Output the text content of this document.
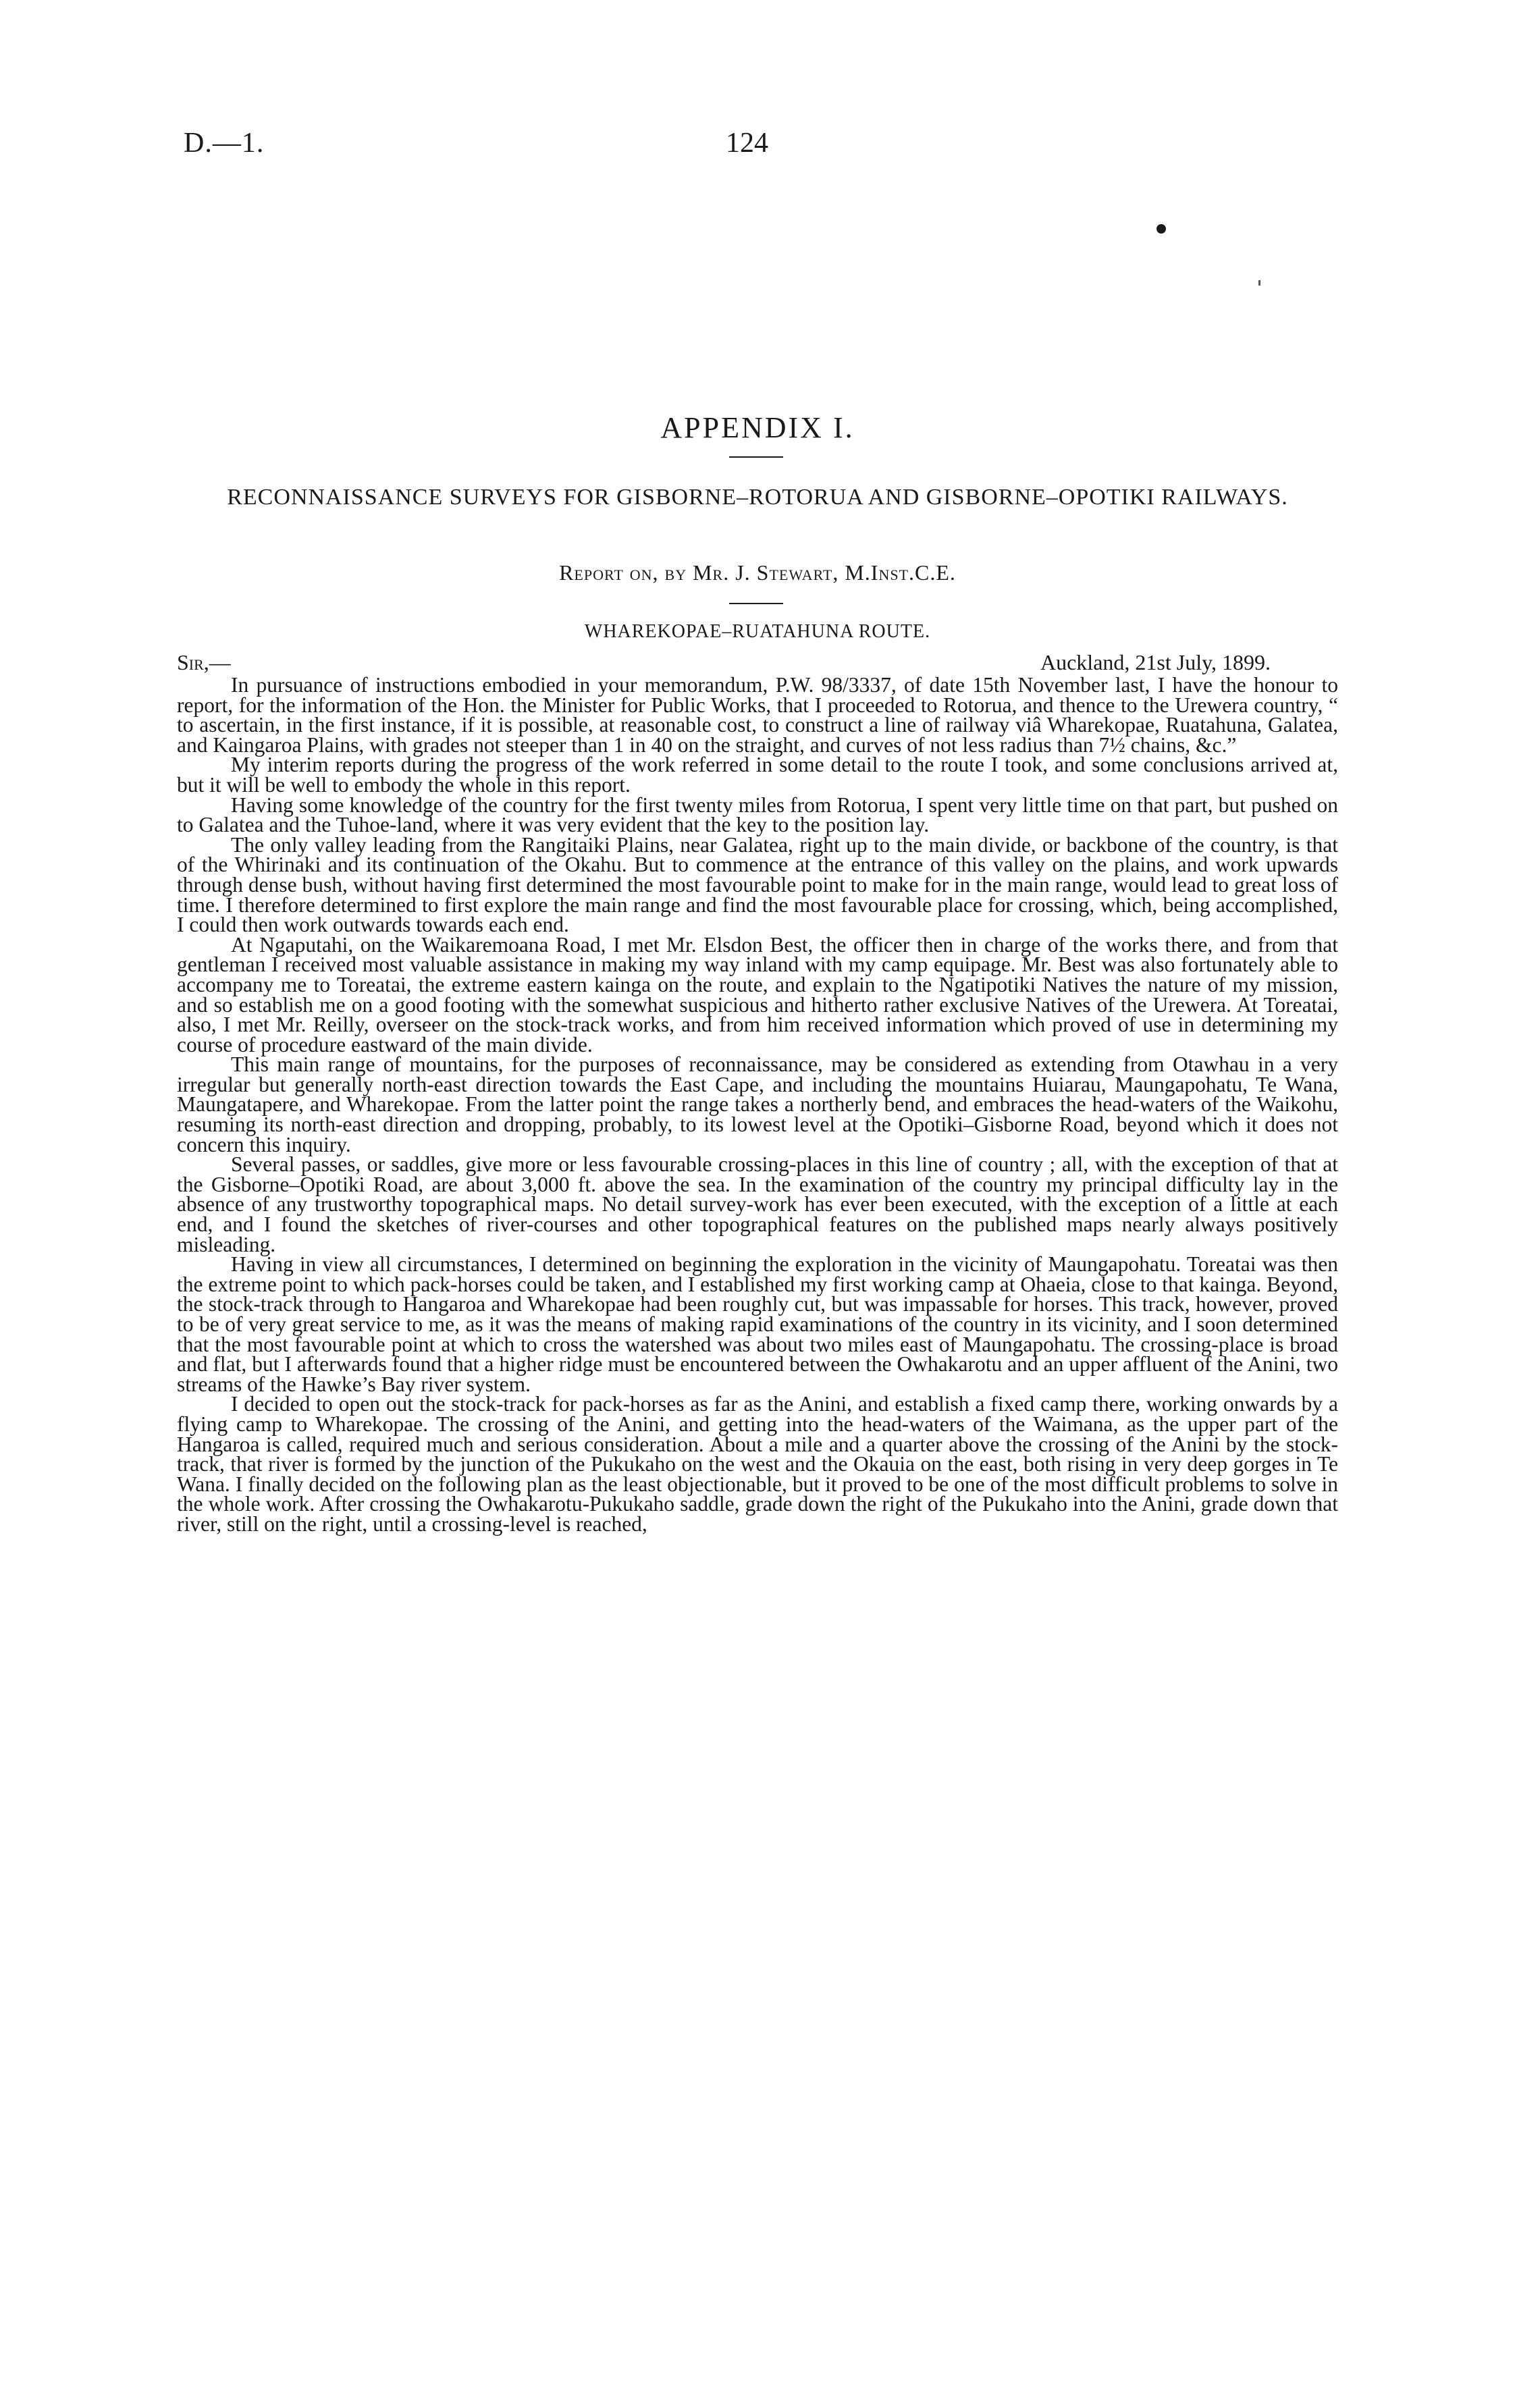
D.—1.	124
APPENDIX I.
RECONNAISSANCE SURVEYS FOR GISBORNE–ROTORUA AND GISBORNE–OPOTIKI RAILWAYS.
Report on, by Mr. J. Stewart, M.Inst.C.E.
WHAREKOPAE–RUATAHUNA ROUTE.
Sir,—	Auckland, 21st July, 1899.

In pursuance of instructions embodied in your memorandum, P.W. 98/3337, of date 15th November last, I have the honour to report, for the information of the Hon. the Minister for Public Works, that I proceeded to Rotorua, and thence to the Urewera country, “ to ascertain, in the first instance, if it is possible, at reasonable cost, to construct a line of railway viâ Wharekopae, Ruatahuna, Galatea, and Kaingaroa Plains, with grades not steeper than 1 in 40 on the straight, and curves of not less radius than 7½ chains, &c.”

My interim reports during the progress of the work referred in some detail to the route I took, and some conclusions arrived at, but it will be well to embody the whole in this report.

Having some knowledge of the country for the first twenty miles from Rotorua, I spent very little time on that part, but pushed on to Galatea and the Tuhoe-land, where it was very evident that the key to the position lay.

The only valley leading from the Rangitaiki Plains, near Galatea, right up to the main divide, or backbone of the country, is that of the Whirinaki and its continuation of the Okahu. But to commence at the entrance of this valley on the plains, and work upwards through dense bush, without having first determined the most favourable point to make for in the main range, would lead to great loss of time. I therefore determined to first explore the main range and find the most favourable place for crossing, which, being accomplished, I could then work outwards towards each end.

At Ngaputahi, on the Waikaremoana Road, I met Mr. Elsdon Best, the officer then in charge of the works there, and from that gentleman I received most valuable assistance in making my way inland with my camp equipage. Mr. Best was also fortunately able to accompany me to Toreatai, the extreme eastern kainga on the route, and explain to the Ngatipotiki Natives the nature of my mission, and so establish me on a good footing with the somewhat suspicious and hitherto rather exclusive Natives of the Urewera. At Toreatai, also, I met Mr. Reilly, overseer on the stock-track works, and from him received information which proved of use in determining my course of procedure eastward of the main divide.

This main range of mountains, for the purposes of reconnaissance, may be considered as extending from Otawhau in a very irregular but generally north-east direction towards the East Cape, and including the mountains Huiarau, Maungapohatu, Te Wana, Maungatapere, and Wharekopae. From the latter point the range takes a northerly bend, and embraces the head-waters of the Waikohu, resuming its north-east direction and dropping, probably, to its lowest level at the Opotiki–Gisborne Road, beyond which it does not concern this inquiry.

Several passes, or saddles, give more or less favourable crossing-places in this line of country ; all, with the exception of that at the Gisborne–Opotiki Road, are about 3,000 ft. above the sea. In the examination of the country my principal difficulty lay in the absence of any trustworthy topographical maps. No detail survey-work has ever been executed, with the exception of a little at each end, and I found the sketches of river-courses and other topographical features on the published maps nearly always positively misleading.

Having in view all circumstances, I determined on beginning the exploration in the vicinity of Maungapohatu. Toreatai was then the extreme point to which pack-horses could be taken, and I established my first working camp at Ohaeia, close to that kainga. Beyond, the stock-track through to Hangaroa and Wharekopae had been roughly cut, but was impassable for horses. This track, however, proved to be of very great service to me, as it was the means of making rapid examinations of the country in its vicinity, and I soon determined that the most favourable point at which to cross the watershed was about two miles east of Maungapohatu. The crossing-place is broad and flat, but I afterwards found that a higher ridge must be encountered between the Owhakarotu and an upper affluent of the Anini, two streams of the Hawke’s Bay river system.

I decided to open out the stock-track for pack-horses as far as the Anini, and establish a fixed camp there, working onwards by a flying camp to Wharekopae. The crossing of the Anini, and getting into the head-waters of the Waimana, as the upper part of the Hangaroa is called, required much and serious consideration. About a mile and a quarter above the crossing of the Anini by the stock-track, that river is formed by the junction of the Pukukaho on the west and the Okauia on the east, both rising in very deep gorges in Te Wana. I finally decided on the following plan as the least objectionable, but it proved to be one of the most difficult problems to solve in the whole work. After crossing the Owhakarotu-Pukukaho saddle, grade down the right of the Pukukaho into the Anini, grade down that river, still on the right, until a crossing-level is reached,
